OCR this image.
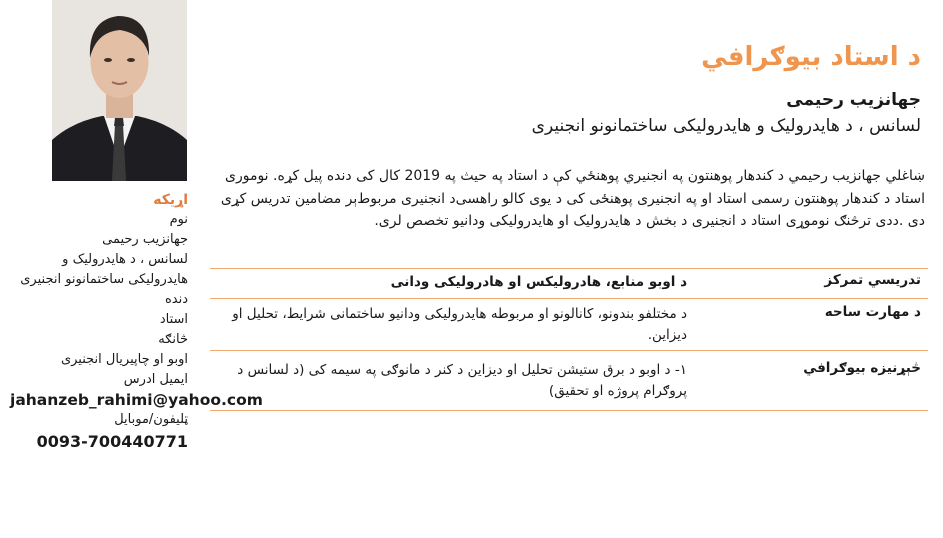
اړیکه
نوم
جهانزیب رحیمی
لسانس ، د هایدرولیک و هایدرولیکی ساختمانونو انجنیری
دنده
استاد
څانګه
اوبو او چاپیریال انجنیری
ایمیل ادرس
jahanzeb_rahimi@yahoo.com
ټلیفون/موبایل
0093-700440771
د استاد بیوګرافي
جهانزیب رحیمی
لسانس ، د هایدرولیک و هایدرولیکی ساختمانونو انجنیری
ښاغلي جهانزیب رحیمي د کندهار پوهنتون په انجنیري پوهنځي کې د استاد په حیث په 2019 کال کی دنده پیل کړه. نوموری استاد د کندهار پوهنتون رسمی استاد او په انجنیری پوهنځی کی د یوی کالو راهسی‌د انجنیری مربوط‌ېر مضامین تدریس کړی دی .ددی ترڅنګ نوموړی استاد د انجنیری د بخش د هایدرولیک او هایدرولیکی ودانیو تخصص لری.
تدریسي تمرکز
د اوبو منابع، هادرولیکس او هادرولیکی ودانی
د مهارت ساحه
د مختلفو بندونو، کانالونو او مربوطه هایدرولیکی ودانیو ساختمانی شرایط، تحلیل او دیزاین.
څېړنیزه بیوګرافي
۱- د اوبو د برق ستیشن تحلیل او دیزاین د کنر د مانوګی په سیمه کی (د لسانس د پروګرام پروژه او تحقیق)
